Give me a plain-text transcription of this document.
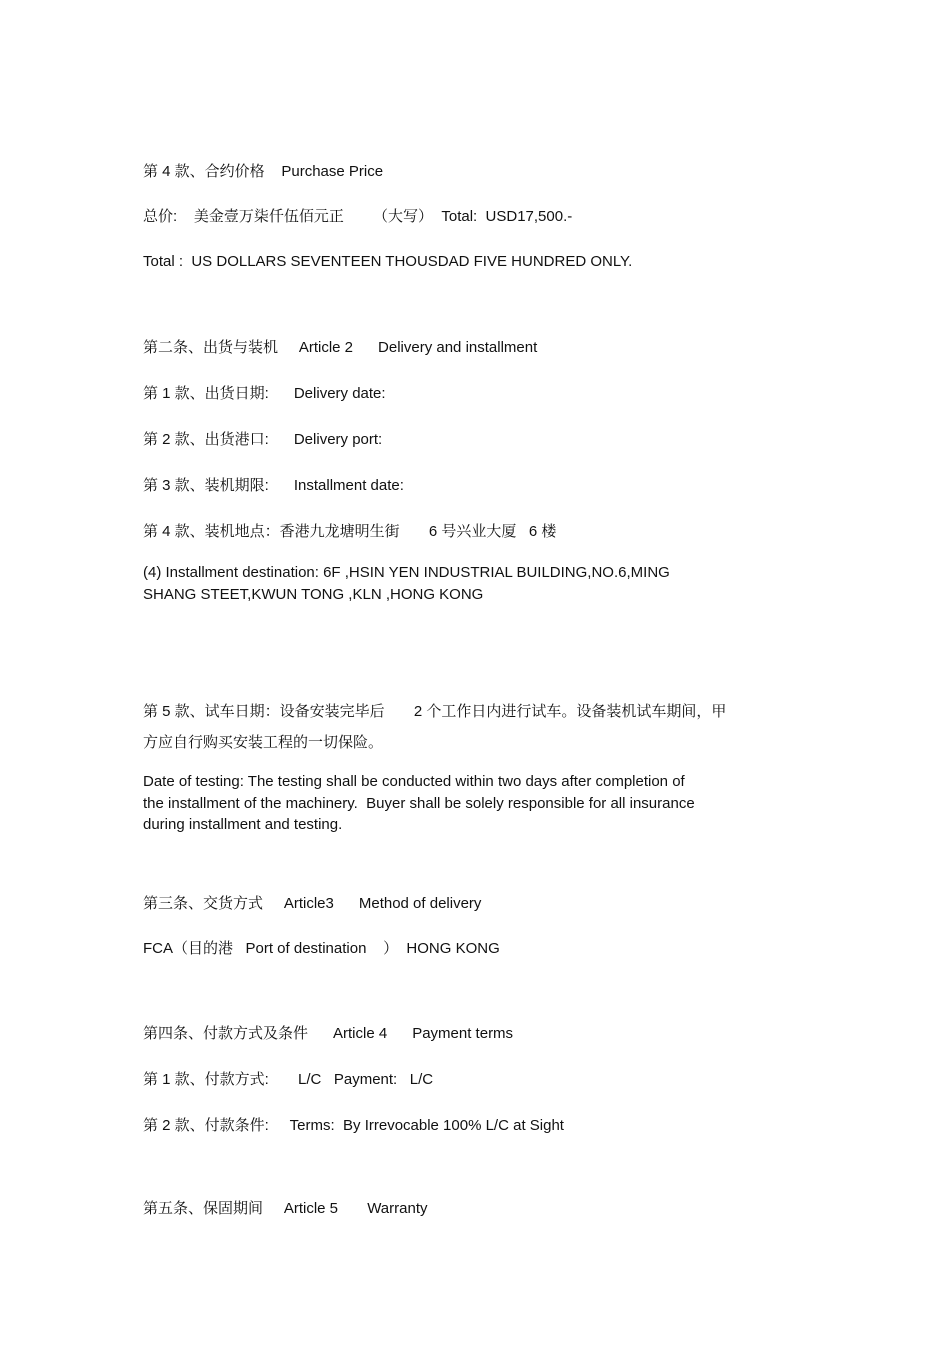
第 4 款、合约价格    Purchase Price
总价:    美金壹万柒仟伍佰元正       （大写）  Total:  USD17,500.-
Total :  US DOLLARS SEVENTEEN THOUSDAD FIVE HUNDRED ONLY.
第二条、出货与装机     Article 2      Delivery and installment
第 1 款、出货日期:      Delivery date:
第 2 款、出货港口:      Delivery port:
第 3 款、装机期限:      Installment date:
第 4 款、装机地点：香港九龙塘明生街       6 号兴业大厦   6 楼
(4) Installment destination: 6F ,HSIN YEN INDUSTRIAL BUILDING,NO.6,MING
SHANG STEET,KWUN TONG ,KLN ,HONG KONG
第 5 款、试车日期：设备安装完毕后       2 个工作日内进行试车。设备装机试车期间，甲
方应自行购买安装工程的一切保险。
Date of testing: The testing shall be conducted within two days after completion of
the installment of the machinery.  Buyer shall be solely responsible for all insurance
during installment and testing.
第三条、交货方式     Article3      Method of delivery
FCA（目的港   Port of destination    ）  HONG KONG
第四条、付款方式及条件      Article 4      Payment terms
第 1 款、付款方式:       L/C   Payment:   L/C
第 2 款、付款条件:     Terms:  By Irrevocable 100% L/C at Sight
第五条、保固期间     Article 5       Warranty
